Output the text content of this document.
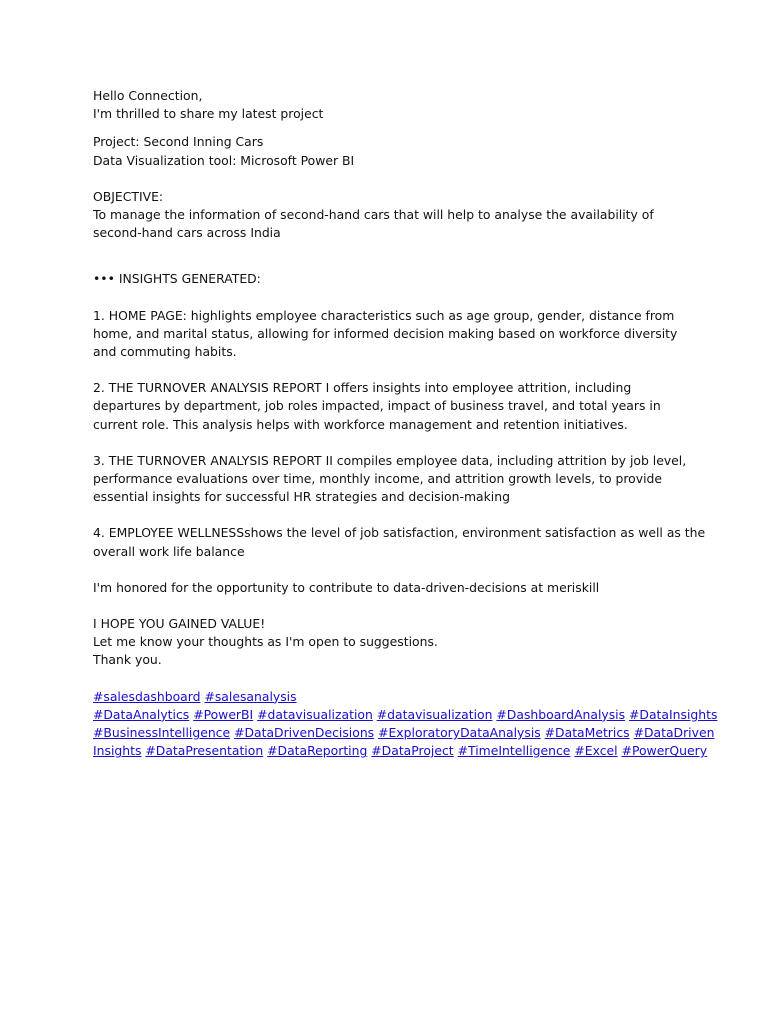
Hello Connection,
I'm thrilled to share my latest project
Project: Second Inning Cars
Data Visualization tool: Microsoft Power BI
OBJECTIVE:
To manage the information of second-hand cars that will help to analyse the availability of
second-hand cars across India
••• INSIGHTS GENERATED:
1. HOME PAGE: highlights employee characteristics such as age group, gender, distance from
home, and marital status, allowing for informed decision making based on workforce diversity
and commuting habits.
2. THE TURNOVER ANALYSIS REPORT I offers insights into employee attrition, including
departures by department, job roles impacted, impact of business travel, and total years in
current role. This analysis helps with workforce management and retention initiatives.
3. THE TURNOVER ANALYSIS REPORT II compiles employee data, including attrition by job level,
performance evaluations over time, monthly income, and attrition growth levels, to provide
essential insights for successful HR strategies and decision-making
4. EMPLOYEE WELLNESSshows the level of job satisfaction, environment satisfaction as well as the
overall work life balance
I'm honored for the opportunity to contribute to data-driven-decisions at meriskill
I HOPE YOU GAINED VALUE!
Let me know your thoughts as I'm open to suggestions.
Thank you.
#salesdashboard #salesanalysis
#DataAnalytics #PowerBI #datavisualization #datavisualization #DashboardAnalysis #DataInsights
#BusinessIntelligence #DataDrivenDecisions #ExploratoryDataAnalysis #DataMetrics #DataDriven
Insights #DataPresentation #DataReporting #DataProject #TimeIntelligence #Excel #PowerQuery
